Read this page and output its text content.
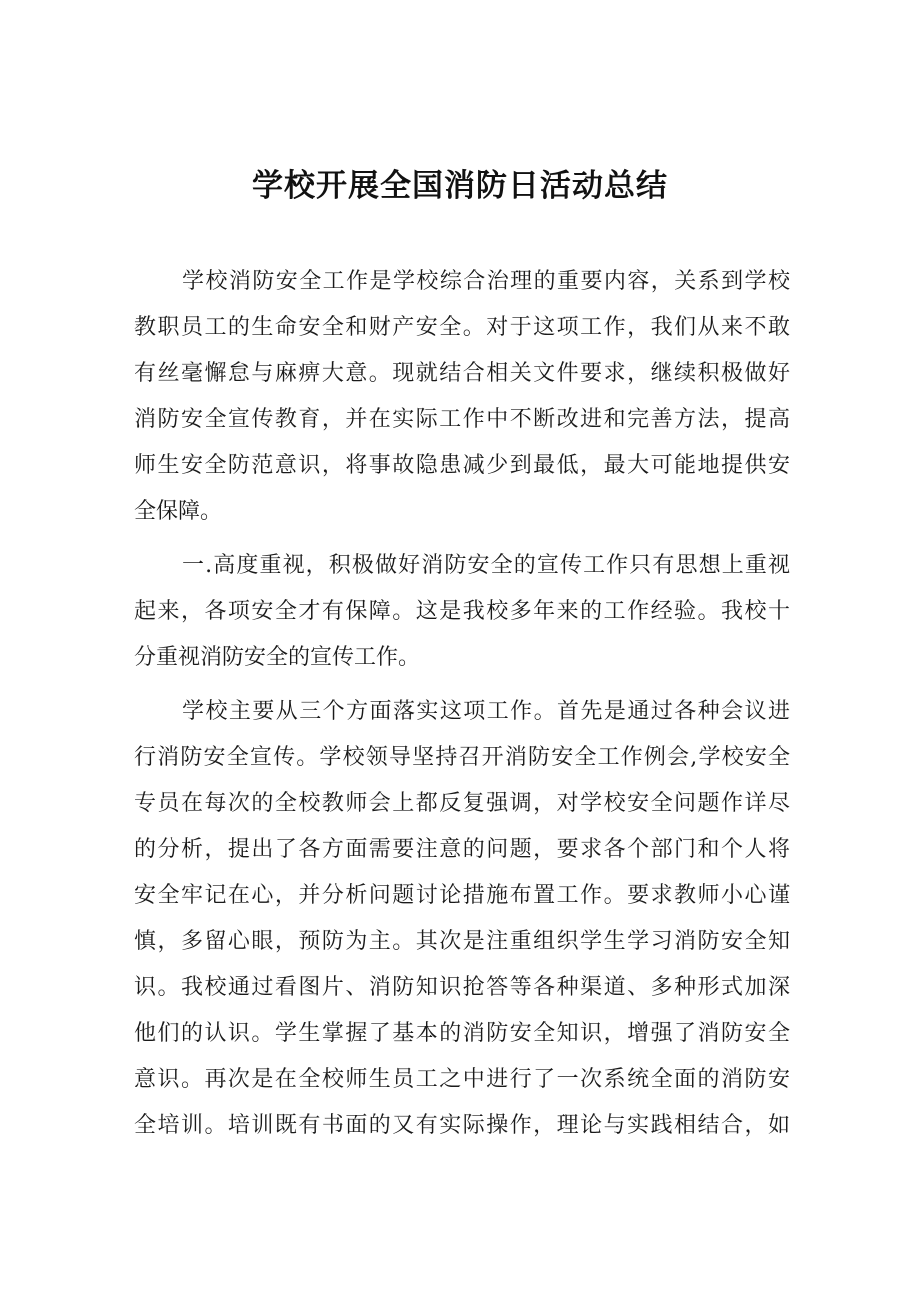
学校开展全国消防日活动总结
学校消防安全工作是学校综合治理的重要内容，关系到学校
教职员工的生命安全和财产安全。对于这项工作，我们从来不敢
有丝毫懈怠与麻痹大意。现就结合相关文件要求，继续积极做好
消防安全宣传教育，并在实际工作中不断改进和完善方法，提高
师生安全防范意识，将事故隐患减少到最低，最大可能地提供安
全保障。
一.高度重视，积极做好消防安全的宣传工作只有思想上重视
起来，各项安全才有保障。这是我校多年来的工作经验。我校十
分重视消防安全的宣传工作。
学校主要从三个方面落实这项工作。首先是通过各种会议进
行消防安全宣传。学校领导坚持召开消防安全工作例会,学校安全
专员在每次的全校教师会上都反复强调，对学校安全问题作详尽
的分析，提出了各方面需要注意的问题，要求各个部门和个人将
安全牢记在心，并分析问题讨论措施布置工作。要求教师小心谨
慎，多留心眼，预防为主。其次是注重组织学生学习消防安全知
识。我校通过看图片、消防知识抢答等各种渠道、多种形式加深
他们的认识。学生掌握了基本的消防安全知识，增强了消防安全
意识。再次是在全校师生员工之中进行了一次系统全面的消防安
全培训。培训既有书面的又有实际操作，理论与实践相结合，如
